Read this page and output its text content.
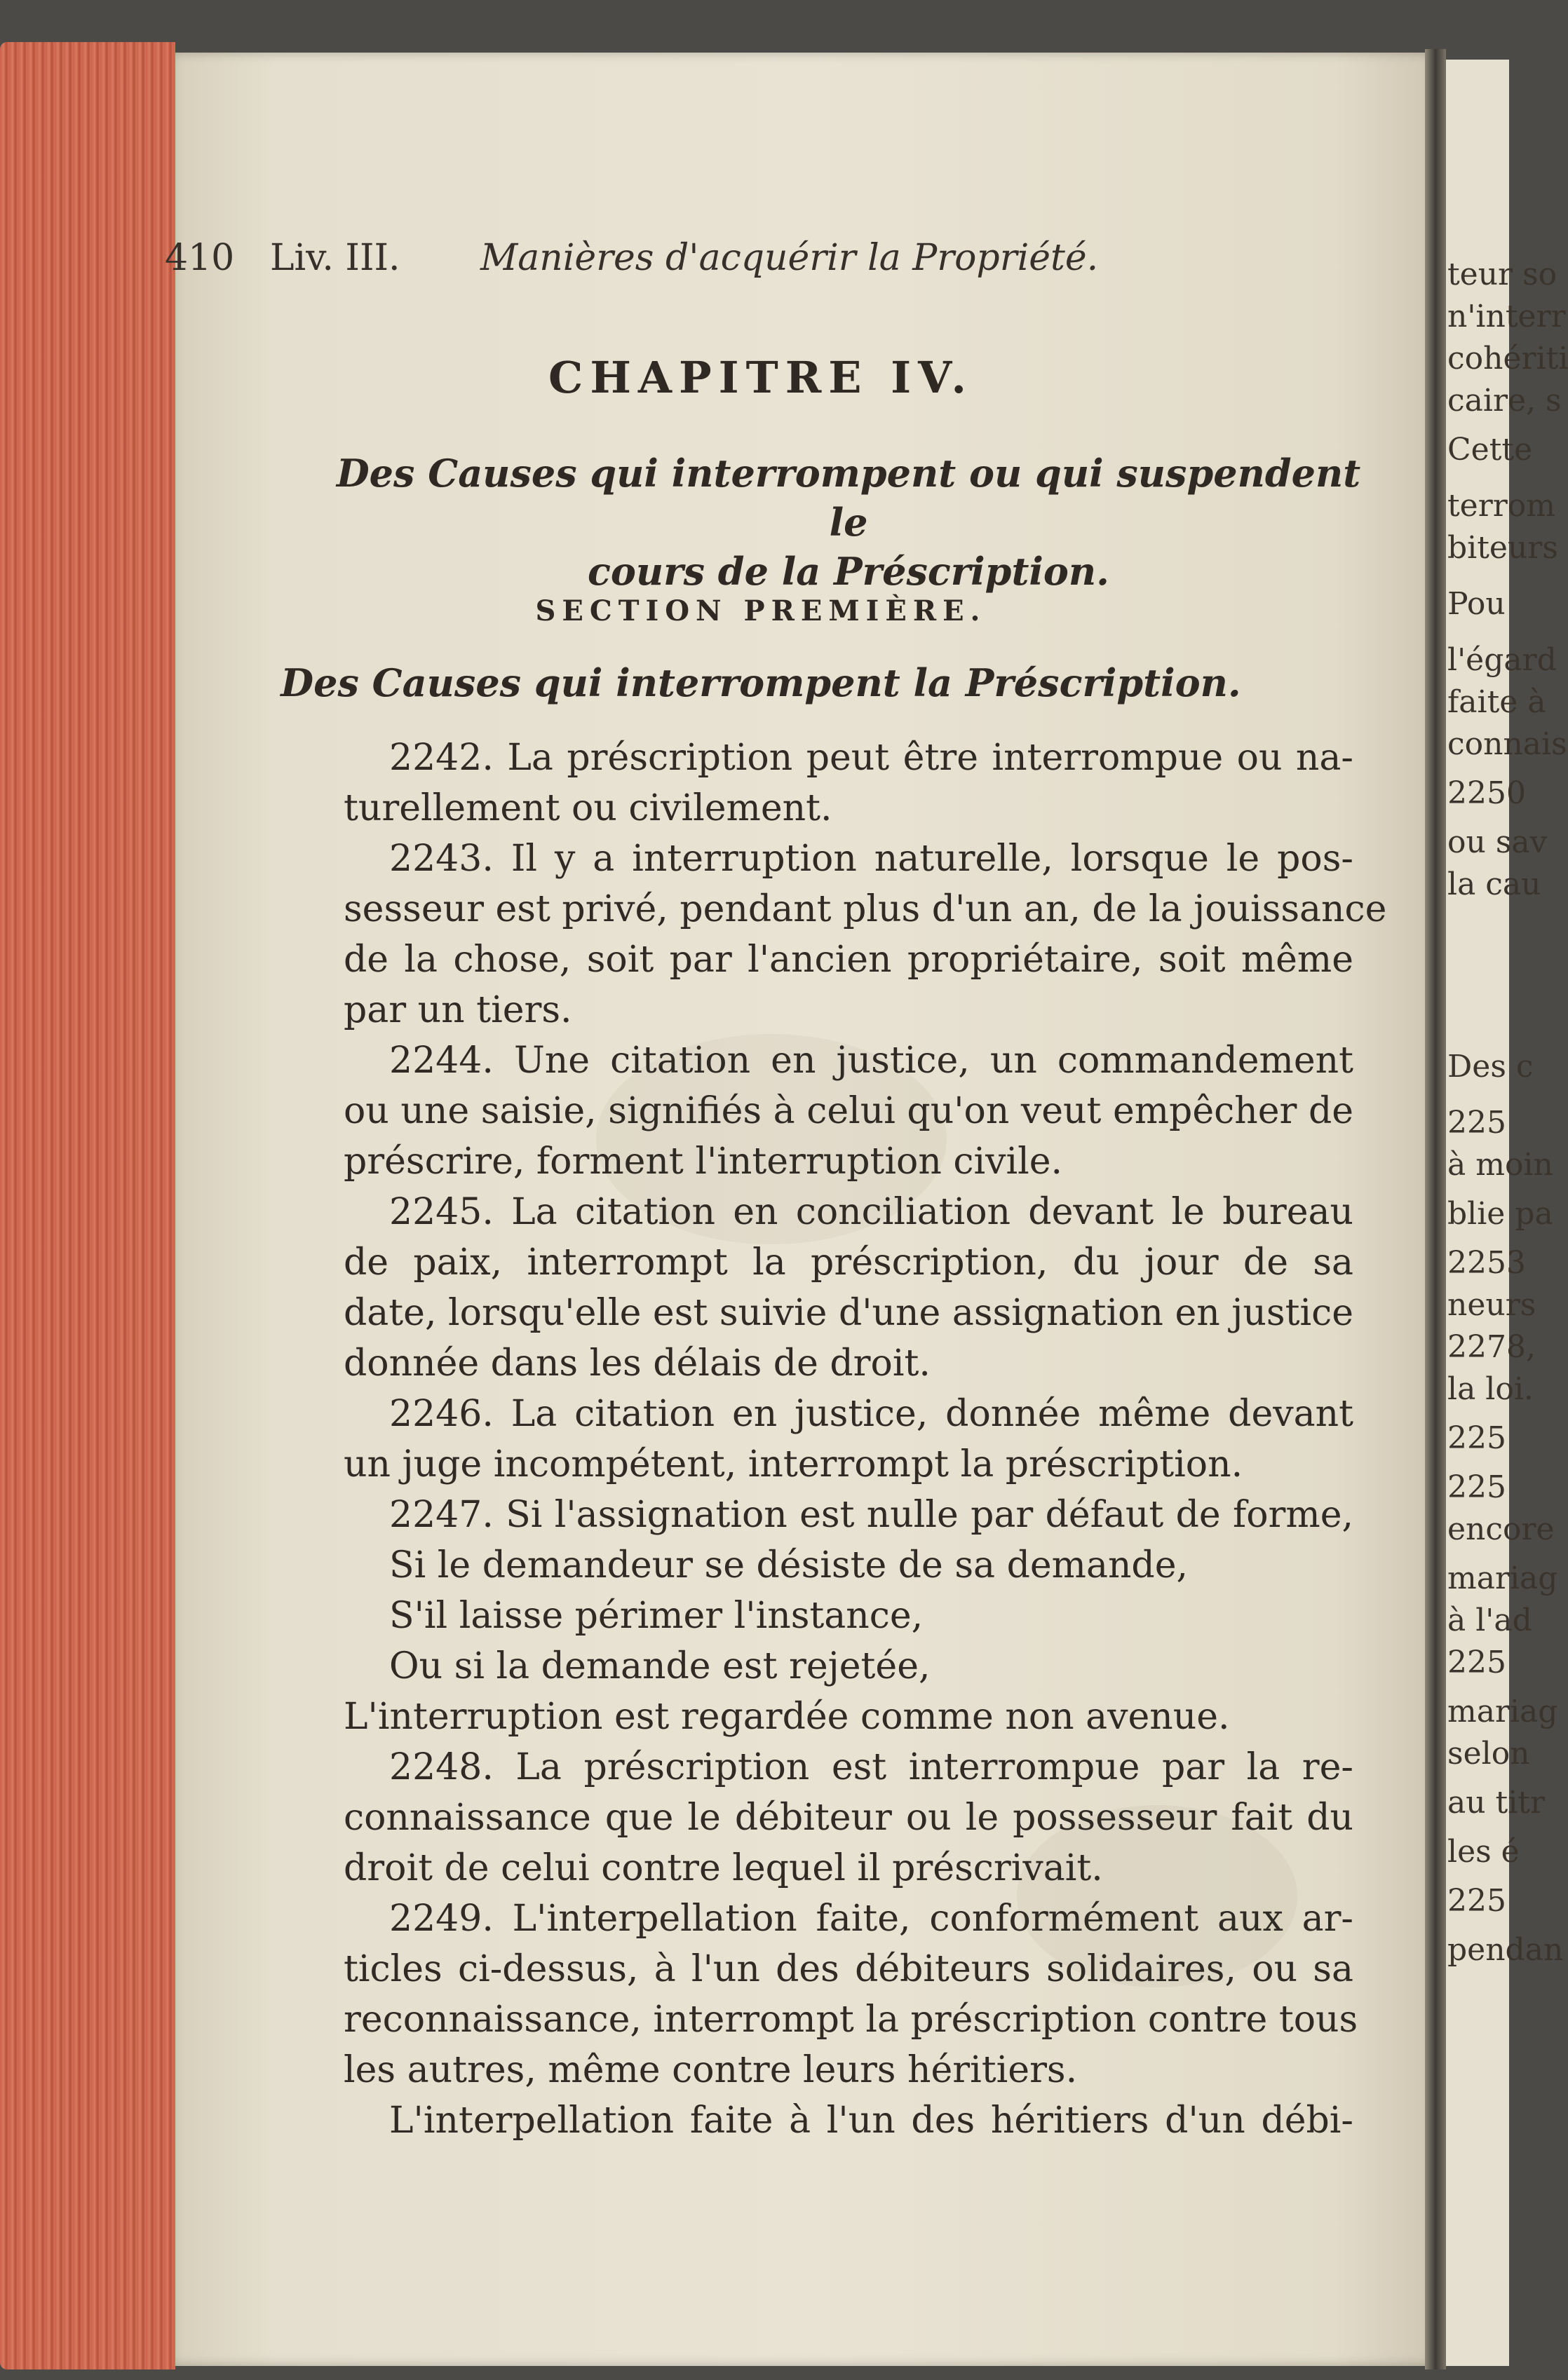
teur so
n'interr
cohériti
caire, s
Cette
terrom
biteurs
Pou
l'égard
faite à
connais
2250
ou sav
la cau
Des c
225
à moin
blie pa
2253
neurs
2278,
la loi.
225
225
encore
mariag
à l'ad
225
mariag
selon
au titr
les é
225
pendan
410 Liv. III. Manières d'acquérir la Propriété.
CHAPITRE IV.
Des Causes qui interrompent ou qui suspendent le
cours de la Préscription.
SECTION PREMIÈRE.
Des Causes qui interrompent la Préscription.
2242. La préscription peut être interrompue ou na-
turellement ou civilement.
2243. Il y a interruption naturelle, lorsque le pos-
sesseur est privé, pendant plus d'un an, de la jouissance
de la chose, soit par l'ancien propriétaire, soit même
par un tiers.
2244. Une citation en justice, un commandement
ou une saisie, signifiés à celui qu'on veut empêcher de
préscrire, forment l'interruption civile.
2245. La citation en conciliation devant le bureau
de paix, interrompt la préscription, du jour de sa
date, lorsqu'elle est suivie d'une assignation en justice
donnée dans les délais de droit.
2246. La citation en justice, donnée même devant
un juge incompétent, interrompt la préscription.
2247. Si l'assignation est nulle par défaut de forme,
Si le demandeur se désiste de sa demande,
S'il laisse périmer l'instance,
Ou si la demande est rejetée,
L'interruption est regardée comme non avenue.
2248. La préscription est interrompue par la re-
connaissance que le débiteur ou le possesseur fait du
droit de celui contre lequel il préscrivait.
2249. L'interpellation faite, conformément aux ar-
ticles ci-dessus, à l'un des débiteurs solidaires, ou sa
reconnaissance, interrompt la préscription contre tous
les autres, même contre leurs héritiers.
L'interpellation faite à l'un des héritiers d'un débi-
